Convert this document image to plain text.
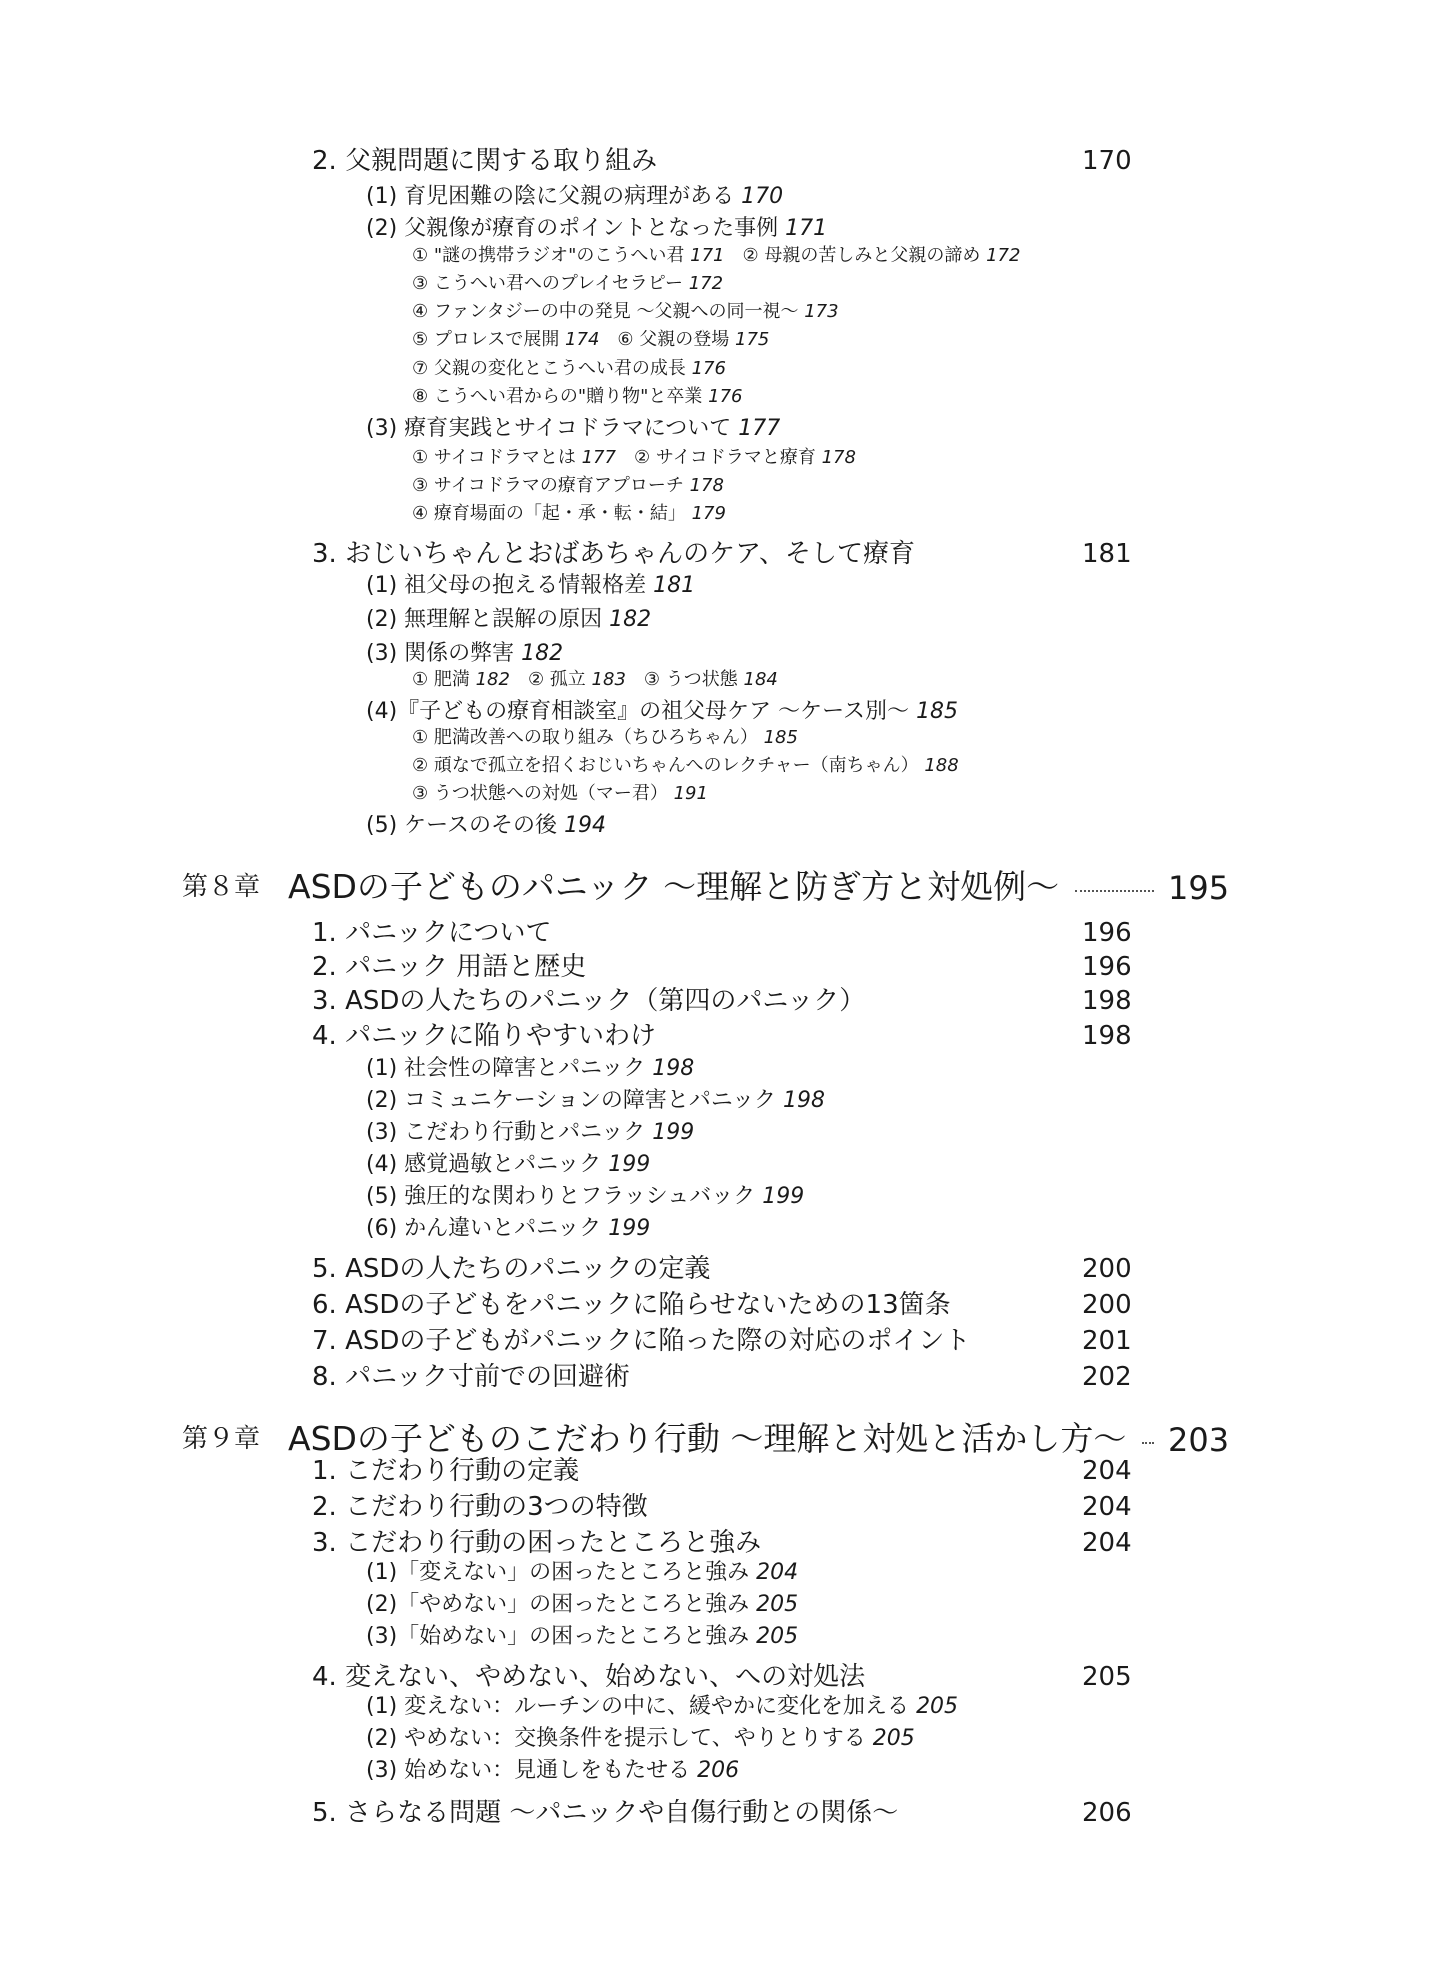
170
2. 父親問題に関する取り組み
(1) 育児困難の陰に父親の病理がある 170
(2) 父親像が療育のポイントとなった事例 171
① "謎の携帯ラジオ"のこうへい君 171　 ② 母親の苦しみと父親の諦め 172
③ こうへい君へのプレイセラピー 172
④ ファンタジーの中の発見 〜父親への同一視〜 173
⑤ プロレスで展開 174　 ⑥ 父親の登場 175
⑦ 父親の変化とこうへい君の成長 176
⑧ こうへい君からの"贈り物"と卒業 176
(3) 療育実践とサイコドラマについて 177
① サイコドラマとは 177　 ② サイコドラマと療育 178
③ サイコドラマの療育アプローチ 178
④ 療育場面の「起・承・転・結」 179
181
3. おじいちゃんとおばあちゃんのケア、そして療育
(1) 祖父母の抱える情報格差 181
(2) 無理解と誤解の原因 182
(3) 関係の弊害 182
① 肥満 182　 ② 孤立 183　 ③ うつ状態 184
(4)『子どもの療育相談室』の祖父母ケア 〜ケース別〜 185
① 肥満改善への取り組み（ちひろちゃん） 185
② 頑なで孤立を招くおじいちゃんへのレクチャー（南ちゃん） 188
③ うつ状態への対処（マー君） 191
(5) ケースのその後 194
第８章 ASDの子どものパニック 〜理解と防ぎ方と対処例〜	195
196
1. パニックについて
196
2. パニック 用語と歴史
198
3. ASDの人たちのパニック（第四のパニック）
198
4. パニックに陥りやすいわけ
(1) 社会性の障害とパニック 198
(2) コミュニケーションの障害とパニック 198
(3) こだわり行動とパニック 199
(4) 感覚過敏とパニック 199
(5) 強圧的な関わりとフラッシュバック 199
(6) かん違いとパニック 199
200
5. ASDの人たちのパニックの定義
200
6. ASDの子どもをパニックに陥らせないための13箇条
201
7. ASDの子どもがパニックに陥った際の対応のポイント
202
8. パニック寸前での回避術
第９章 ASDの子どものこだわり行動 〜理解と対処と活かし方〜 203
204
1. こだわり行動の定義
204
2. こだわり行動の3つの特徴
204
3. こだわり行動の困ったところと強み
(1)「変えない」の困ったところと強み 204
(2)「やめない」の困ったところと強み 205
(3)「始めない」の困ったところと強み 205
205
4. 変えない、やめない、始めない、への対処法
(1) 変えない：ルーチンの中に、緩やかに変化を加える 205
(2) やめない：交換条件を提示して、やりとりする 205
(3) 始めない：見通しをもたせる 206
206
5. さらなる問題 〜パニックや自傷行動との関係〜
